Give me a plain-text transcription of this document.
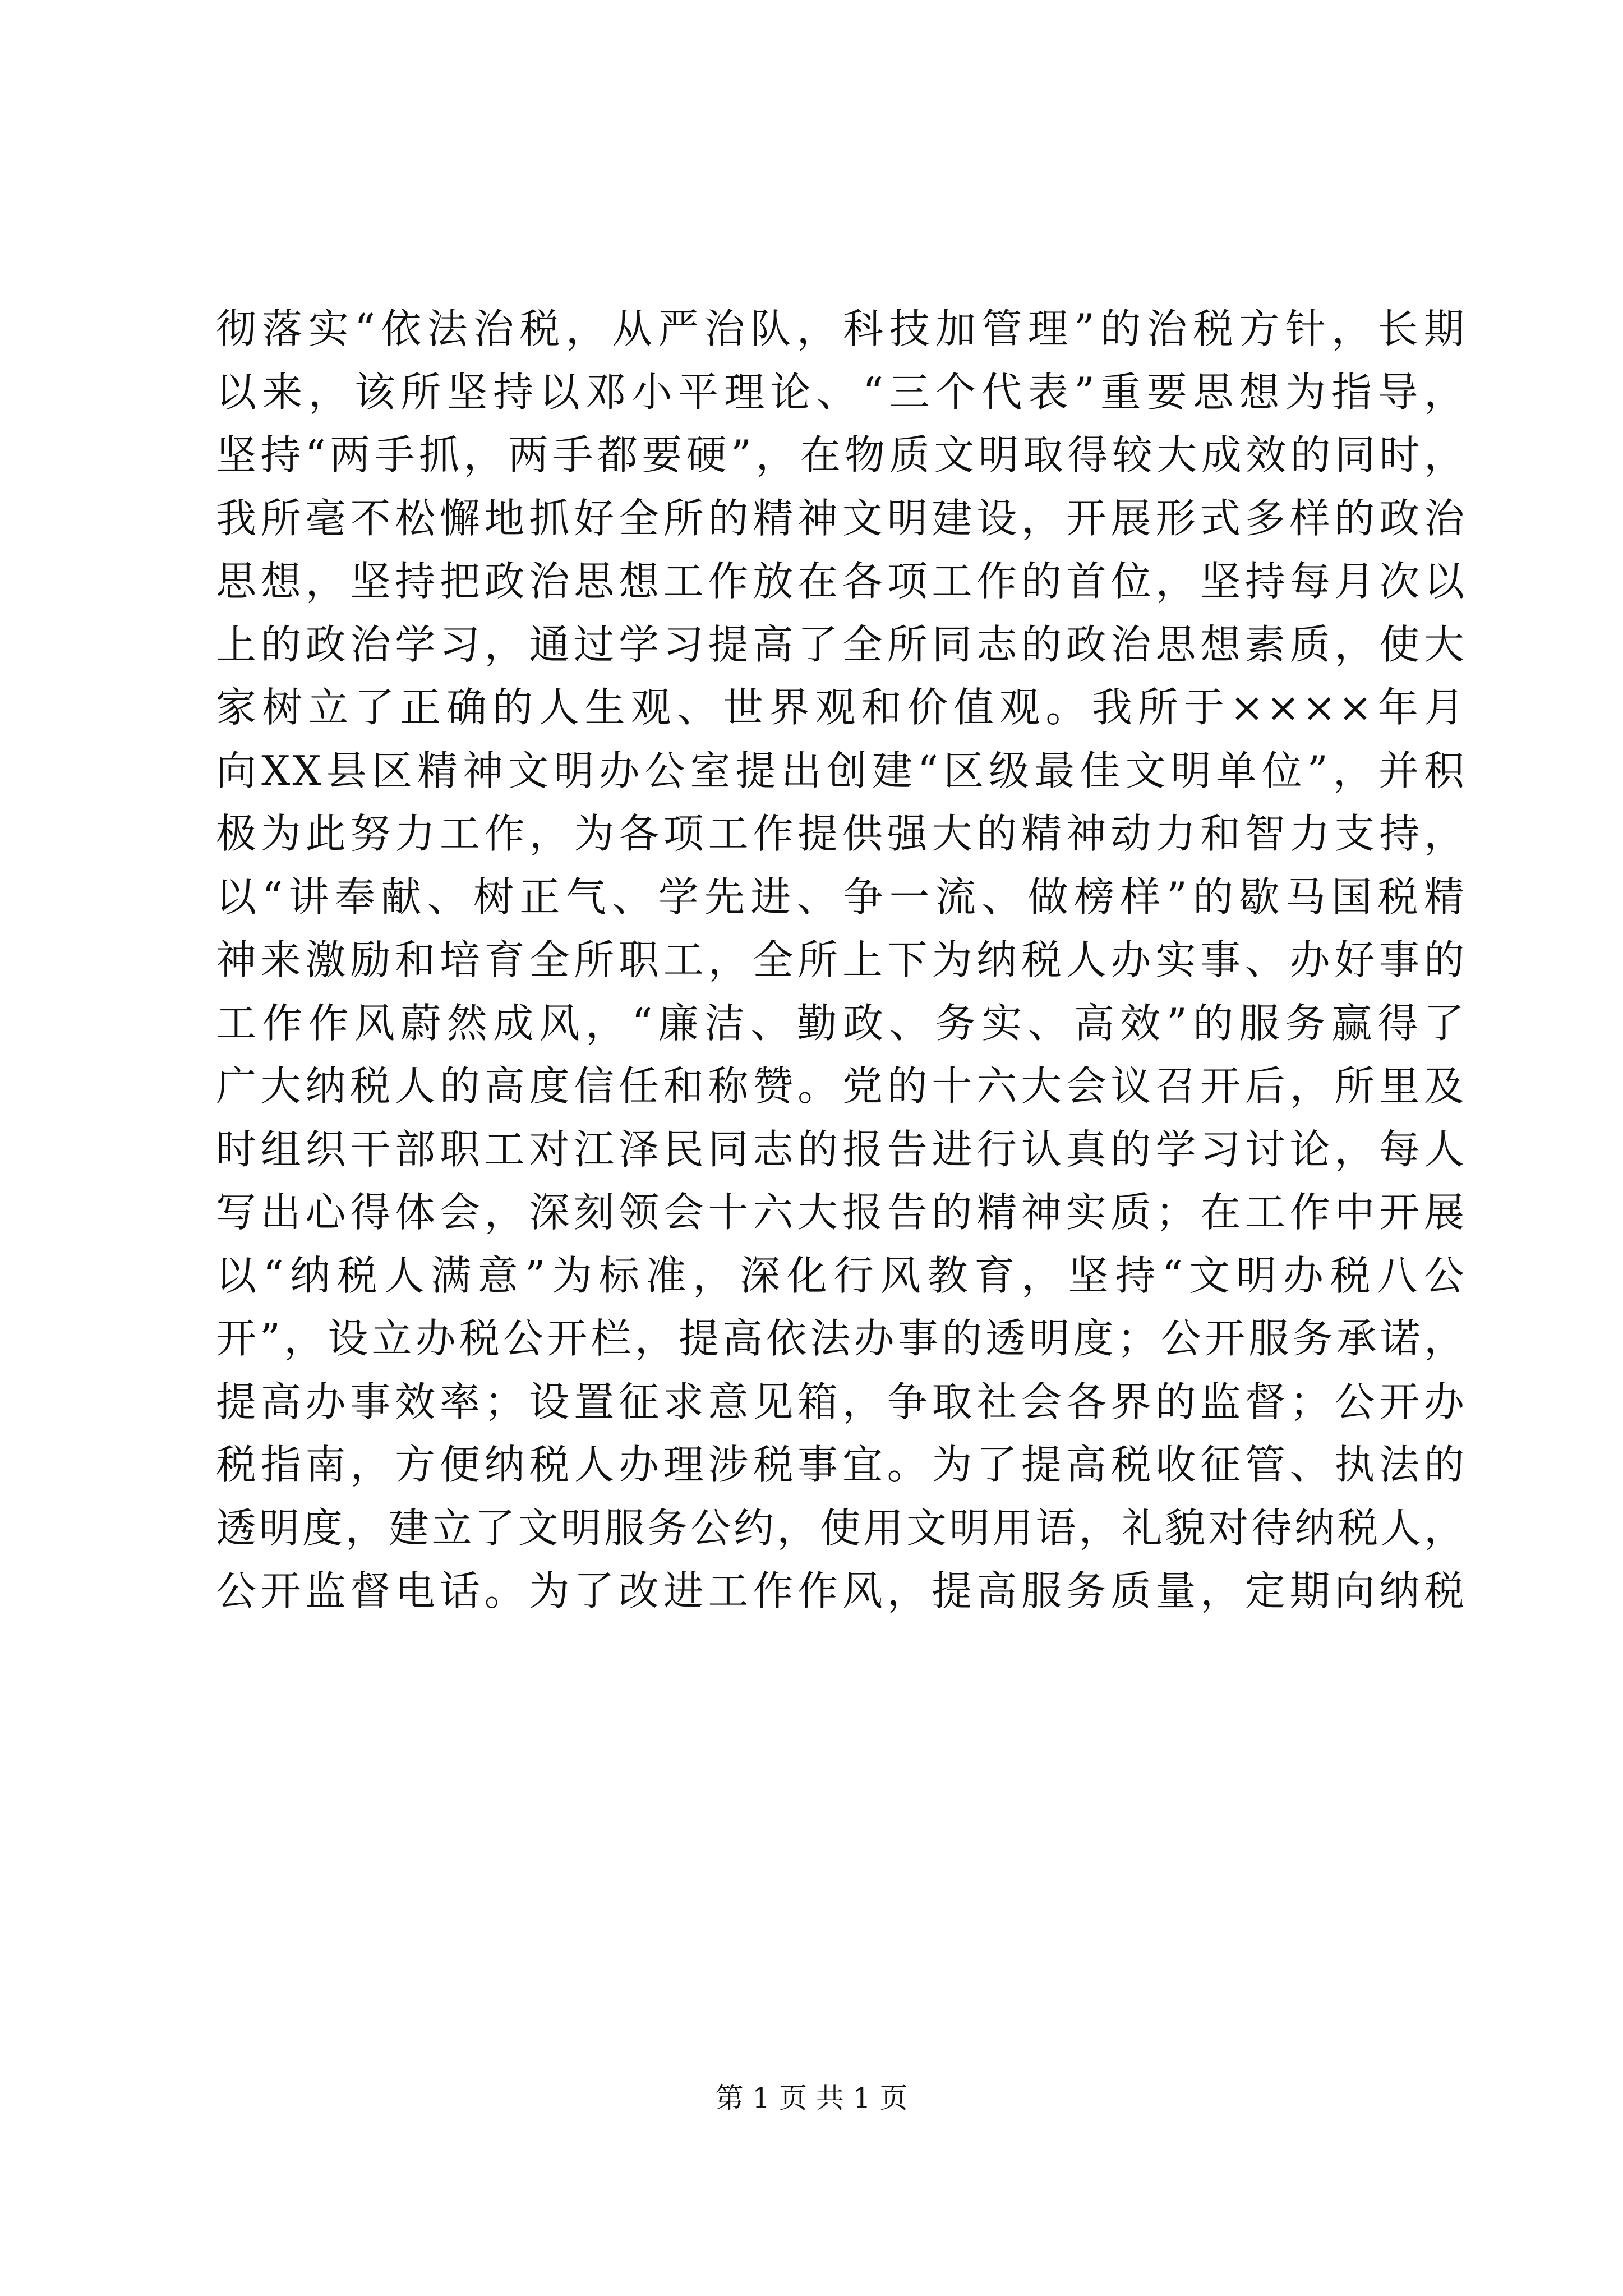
彻落实“依法治税，从严治队，科技加管理”的治税方针，长期
以来，该所坚持以邓小平理论、“三个代表”重要思想为指导，
坚持“两手抓，两手都要硬”，在物质文明取得较大成效的同时，
我所毫不松懈地抓好全所的精神文明建设，开展形式多样的政治
思想，坚持把政治思想工作放在各项工作的首位，坚持每月次以
上的政治学习，通过学习提高了全所同志的政治思想素质，使大
家树立了正确的人生观、世界观和价值观。我所于××××年月
向XX县区精神文明办公室提出创建“区级最佳文明单位”，并积
极为此努力工作，为各项工作提供强大的精神动力和智力支持，
以“讲奉献、树正气、学先进、争一流、做榜样”的歇马国税精
神来激励和培育全所职工，全所上下为纳税人办实事、办好事的
工作作风蔚然成风，“廉洁、勤政、务实、高效”的服务赢得了
广大纳税人的高度信任和称赞。党的十六大会议召开后，所里及
时组织干部职工对江泽民同志的报告进行认真的学习讨论，每人
写出心得体会，深刻领会十六大报告的精神实质；在工作中开展
以“纳税人满意”为标准，深化行风教育，坚持“文明办税八公
开”，设立办税公开栏，提高依法办事的透明度；公开服务承诺，
提高办事效率；设置征求意见箱，争取社会各界的监督；公开办
税指南，方便纳税人办理涉税事宜。为了提高税收征管、执法的
透明度，建立了文明服务公约，使用文明用语，礼貌对待纳税人，
公开监督电话。为了改进工作作风，提高服务质量，定期向纳税
第 1 页 共 1 页
